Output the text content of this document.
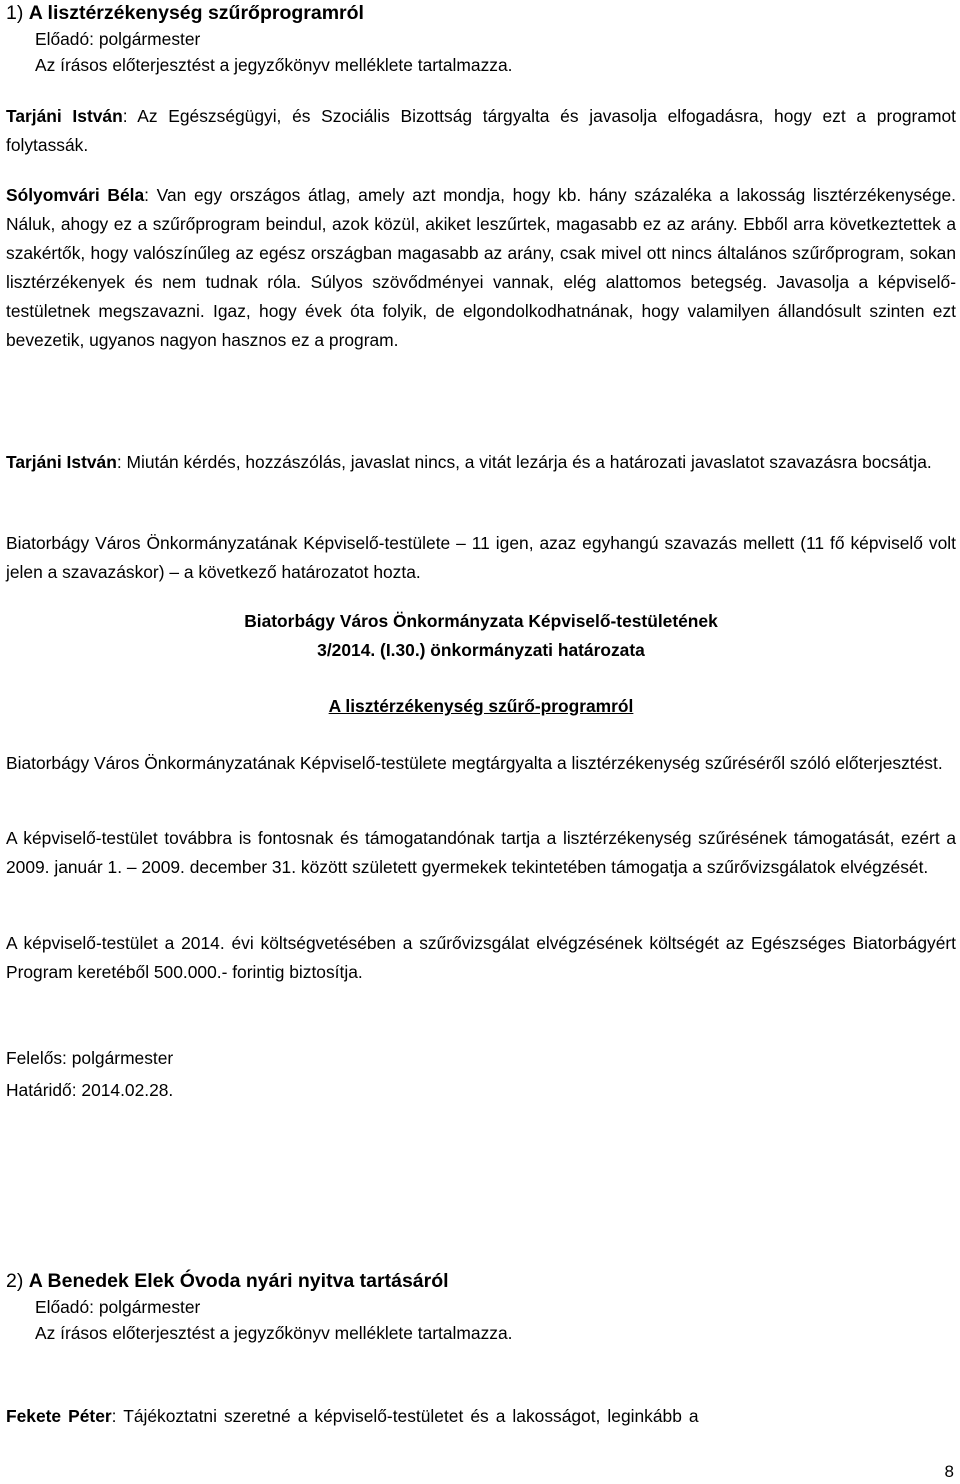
1) A lisztérzékenység szűrőprogramról
Előadó: polgármester
Az írásos előterjesztést a jegyzőkönyv melléklete tartalmazza.
Tarjáni István: Az Egészségügyi, és Szociális Bizottság tárgyalta és javasolja elfogadásra, hogy ezt a programot folytassák.
Sólyomvári Béla: Van egy országos átlag, amely azt mondja, hogy kb. hány százaléka a lakosság lisztérzékenysége. Náluk, ahogy ez a szűrőprogram beindul, azok közül, akiket leszűrtek, magasabb ez az arány. Ebből arra következtettek a szakértők, hogy valószínűleg az egész országban magasabb az arány, csak mivel ott nincs általános szűrőprogram, sokan lisztérzékenyek és nem tudnak róla. Súlyos szövődményei vannak, elég alattomos betegség. Javasolja a képviselő-testületnek megszavazni. Igaz, hogy évek óta folyik, de elgondolkodhatnának, hogy valamilyen állandósult szinten ezt bevezetik, ugyanos nagyon hasznos ez a program.
Tarjáni István: Miután kérdés, hozzászólás, javaslat nincs, a vitát lezárja és a határozati javaslatot szavazásra bocsátja.
Biatorbágy Város Önkormányzatának Képviselő-testülete – 11 igen, azaz egyhangú szavazás mellett (11 fő képviselő volt jelen a szavazáskor) – a következő határozatot hozta.
Biatorbágy Város Önkormányzata Képviselő-testületének
3/2014. (I.30.) önkormányzati határozata
A lisztérzékenység szűrő-programról
Biatorbágy Város Önkormányzatának Képviselő-testülete megtárgyalta a lisztérzékenység szűréséről szóló előterjesztést.
A képviselő-testület továbbra is fontosnak és támogatandónak tartja a lisztérzékenység szűrésének támogatását, ezért a 2009. január 1. – 2009. december 31. között született gyermekek tekintetében támogatja a szűrővizsgálatok elvégzését.
A képviselő-testület a 2014. évi költségvetésében a szűrővizsgálat elvégzésének költségét az Egészséges Biatorbágyért Program keretéből 500.000.- forintig biztosítja.
Felelős: polgármester
Határidő: 2014.02.28.
2) A Benedek Elek Óvoda nyári nyitva tartásáról
Előadó: polgármester
Az írásos előterjesztést a jegyzőkönyv melléklete tartalmazza.
Fekete Péter: Tájékoztatni szeretné a képviselő-testületet és a lakosságot, leginkább a
8
